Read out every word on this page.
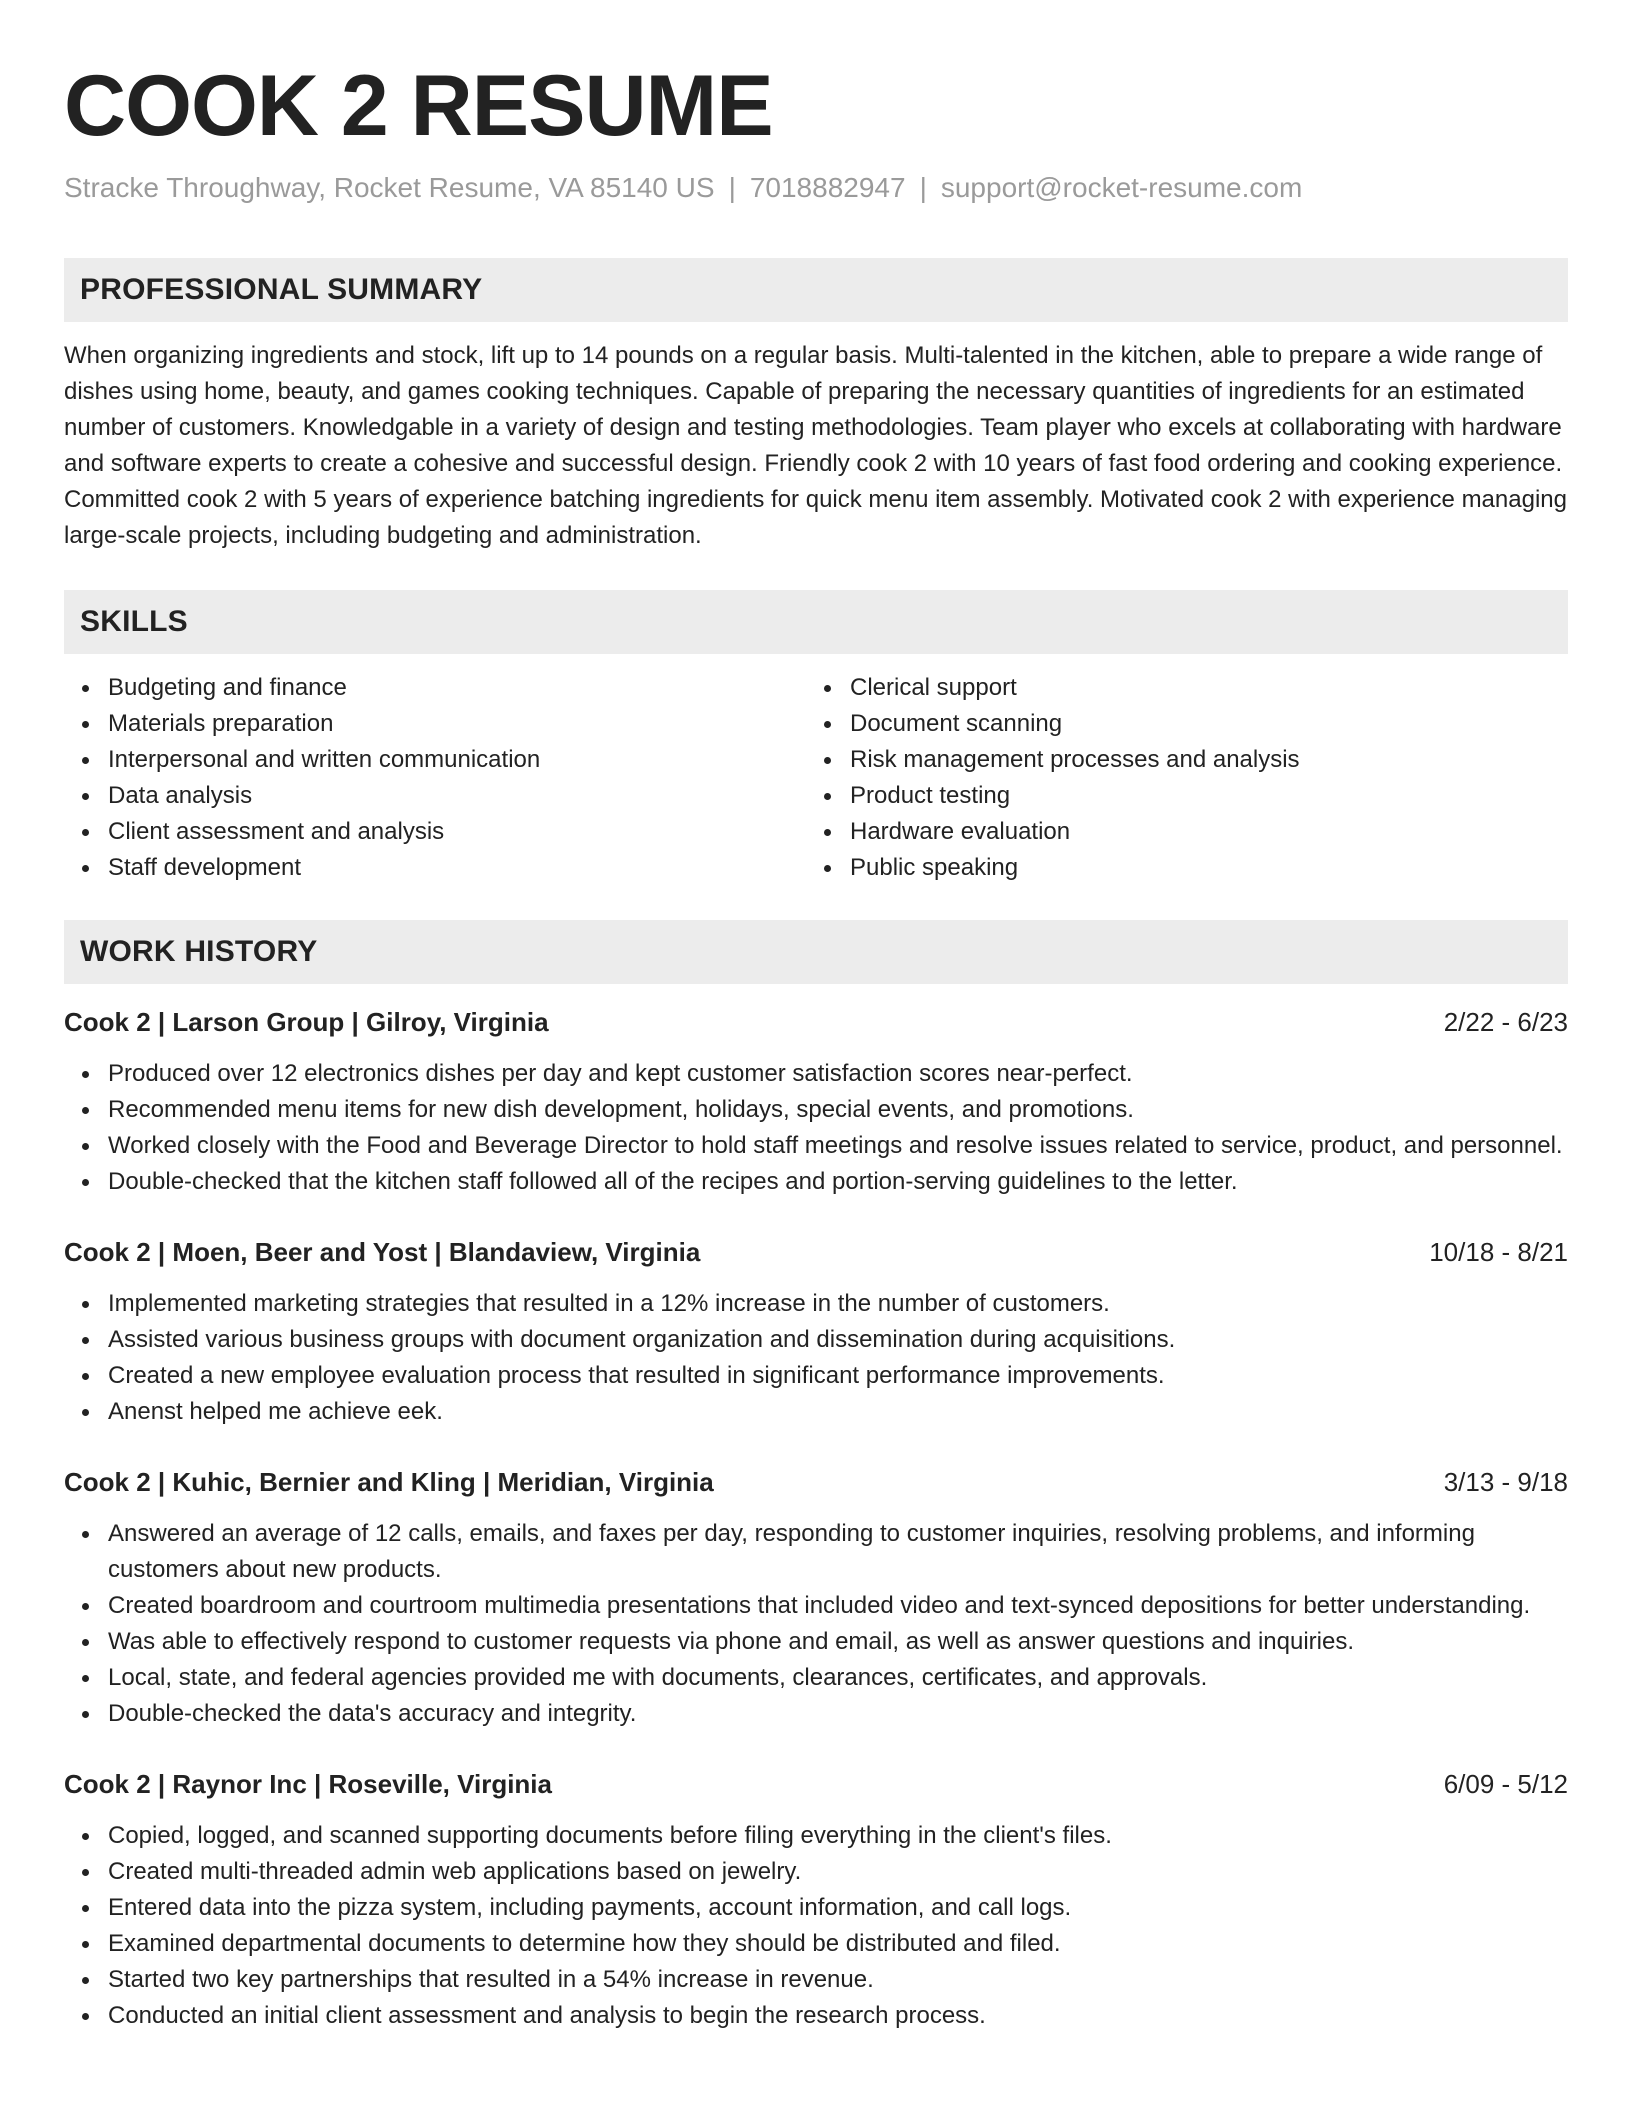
COOK 2 RESUME
Stracke Throughway, Rocket Resume, VA 85140 US | 7018882947 | support@rocket-resume.com
PROFESSIONAL SUMMARY
When organizing ingredients and stock, lift up to 14 pounds on a regular basis. Multi-talented in the kitchen, able to prepare a wide range of dishes using home, beauty, and games cooking techniques. Capable of preparing the necessary quantities of ingredients for an estimated number of customers. Knowledgable in a variety of design and testing methodologies. Team player who excels at collaborating with hardware and software experts to create a cohesive and successful design. Friendly cook 2 with 10 years of fast food ordering and cooking experience. Committed cook 2 with 5 years of experience batching ingredients for quick menu item assembly. Motivated cook 2 with experience managing large-scale projects, including budgeting and administration.
SKILLS
Budgeting and finance
Materials preparation
Interpersonal and written communication
Data analysis
Client assessment and analysis
Staff development
Clerical support
Document scanning
Risk management processes and analysis
Product testing
Hardware evaluation
Public speaking
WORK HISTORY
Cook 2 | Larson Group | Gilroy, Virginia	2/22 - 6/23
Produced over 12 electronics dishes per day and kept customer satisfaction scores near-perfect.
Recommended menu items for new dish development, holidays, special events, and promotions.
Worked closely with the Food and Beverage Director to hold staff meetings and resolve issues related to service, product, and personnel.
Double-checked that the kitchen staff followed all of the recipes and portion-serving guidelines to the letter.
Cook 2 | Moen, Beer and Yost | Blandaview, Virginia	10/18 - 8/21
Implemented marketing strategies that resulted in a 12% increase in the number of customers.
Assisted various business groups with document organization and dissemination during acquisitions.
Created a new employee evaluation process that resulted in significant performance improvements.
Anenst helped me achieve eek.
Cook 2 | Kuhic, Bernier and Kling | Meridian, Virginia	3/13 - 9/18
Answered an average of 12 calls, emails, and faxes per day, responding to customer inquiries, resolving problems, and informing customers about new products.
Created boardroom and courtroom multimedia presentations that included video and text-synced depositions for better understanding.
Was able to effectively respond to customer requests via phone and email, as well as answer questions and inquiries.
Local, state, and federal agencies provided me with documents, clearances, certificates, and approvals.
Double-checked the data's accuracy and integrity.
Cook 2 | Raynor Inc | Roseville, Virginia	6/09 - 5/12
Copied, logged, and scanned supporting documents before filing everything in the client's files.
Created multi-threaded admin web applications based on jewelry.
Entered data into the pizza system, including payments, account information, and call logs.
Examined departmental documents to determine how they should be distributed and filed.
Started two key partnerships that resulted in a 54% increase in revenue.
Conducted an initial client assessment and analysis to begin the research process.
